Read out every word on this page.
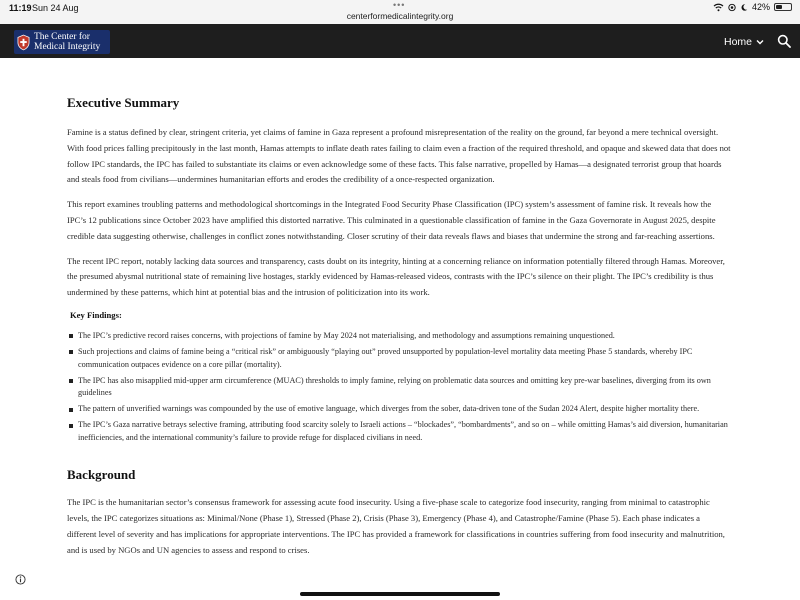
11:19 Sun 24 Aug	•••
centerformedicalintegrity.org
42%
The Center for
Medical Integrity	Home
Executive Summary

Famine is a status defined by clear, stringent criteria, yet claims of famine in Gaza represent a profound misrepresentation of the reality on the ground, far beyond a mere technical oversight. With food prices falling precipitously in the last month, Hamas attempts to inflate death rates failing to claim even a fraction of the required threshold, and opaque and skewed data that does not follow IPC standards, the IPC has failed to substantiate its claims or even acknowledge some of these facts. This false narrative, propelled by Hamas—a designated terrorist group that hoards and steals food from civilians—undermines humanitarian efforts and erodes the credibility of a once-respected organization.

This report examines troubling patterns and methodological shortcomings in the Integrated Food Security Phase Classification (IPC) system’s assessment of famine risk. It reveals how the IPC’s 12 publications since October 2023 have amplified this distorted narrative. This culminated in a questionable classification of famine in the Gaza Governorate in August 2025, despite credible data suggesting otherwise, challenges in conflict zones notwithstanding. Closer scrutiny of their data reveals flaws and biases that undermine the strong and far-reaching assertions.

The recent IPC report, notably lacking data sources and transparency, casts doubt on its integrity, hinting at a concerning reliance on information potentially filtered through Hamas. Moreover, the presumed abysmal nutritional state of remaining live hostages, starkly evidenced by Hamas-released videos, contrasts with the IPC’s silence on their plight. The IPC’s credibility is thus undermined by these patterns, which hint at potential bias and the intrusion of politicization into its work.

Key Findings:
The IPC’s predictive record raises concerns, with projections of famine by May 2024 not materialising, and methodology and assumptions remaining unquestioned.
Such projections and claims of famine being a “critical risk” or ambiguously “playing out” proved unsupported by population-level mortality data meeting Phase 5 standards, whereby IPC communication outpaces evidence on a core pillar (mortality).
The IPC has also misapplied mid-upper arm circumference (MUAC) thresholds to imply famine, relying on problematic data sources and omitting key pre-war baselines, diverging from its own guidelines
The pattern of unverified warnings was compounded by the use of emotive language, which diverges from the sober, data-driven tone of the Sudan 2024 Alert, despite higher mortality there.
The IPC’s Gaza narrative betrays selective framing, attributing food scarcity solely to Israeli actions – “blockades”, “bombardments”, and so on – while omitting Hamas’s aid diversion, humanitarian inefficiencies, and the international community’s failure to provide refuge for displaced civilians in need.
Background

The IPC is the humanitarian sector’s consensus framework for assessing acute food insecurity. Using a five-phase scale to categorize food insecurity, ranging from minimal to catastrophic levels, the IPC categorizes situations as: Minimal/None (Phase 1), Stressed (Phase 2), Crisis (Phase 3), Emergency (Phase 4), and Catastrophe/Famine (Phase 5). Each phase indicates a different level of severity and has implications for appropriate interventions. The IPC has provided a framework for classifications in countries suffering from food insecurity and malnutrition, and is used by NGOs and UN agencies to assess and respond to crises.
